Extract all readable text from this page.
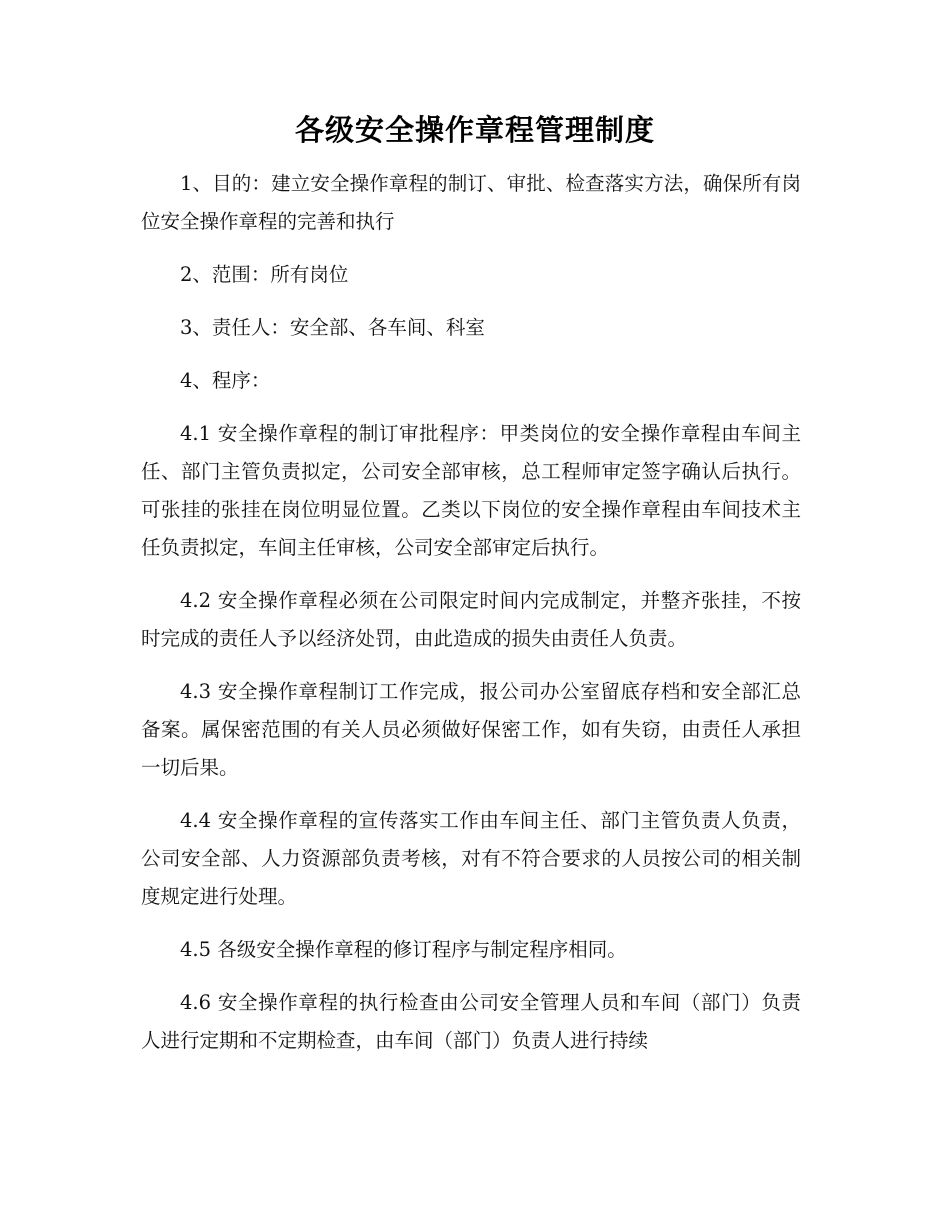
各级安全操作章程管理制度

1、目的：建立安全操作章程的制订、审批、检查落实方法，确保所有岗位安全操作章程的完善和执行

2、范围：所有岗位

3、责任人：安全部、各车间、科室

4、程序：

4.1 安全操作章程的制订审批程序：甲类岗位的安全操作章程由车间主任、部门主管负责拟定，公司安全部审核，总工程师审定签字确认后执行。可张挂的张挂在岗位明显位置。乙类以下岗位的安全操作章程由车间技术主任负责拟定，车间主任审核，公司安全部审定后执行。

4.2 安全操作章程必须在公司限定时间内完成制定，并整齐张挂，不按时完成的责任人予以经济处罚，由此造成的损失由责任人负责。

4.3 安全操作章程制订工作完成，报公司办公室留底存档和安全部汇总备案。属保密范围的有关人员必须做好保密工作，如有失窃，由责任人承担一切后果。

4.4 安全操作章程的宣传落实工作由车间主任、部门主管负责人负责，公司安全部、人力资源部负责考核，对有不符合要求的人员按公司的相关制度规定进行处理。

4.5 各级安全操作章程的修订程序与制定程序相同。

4.6 安全操作章程的执行检查由公司安全管理人员和车间（部门）负责人进行定期和不定期检查，由车间（部门）负责人进行持续
